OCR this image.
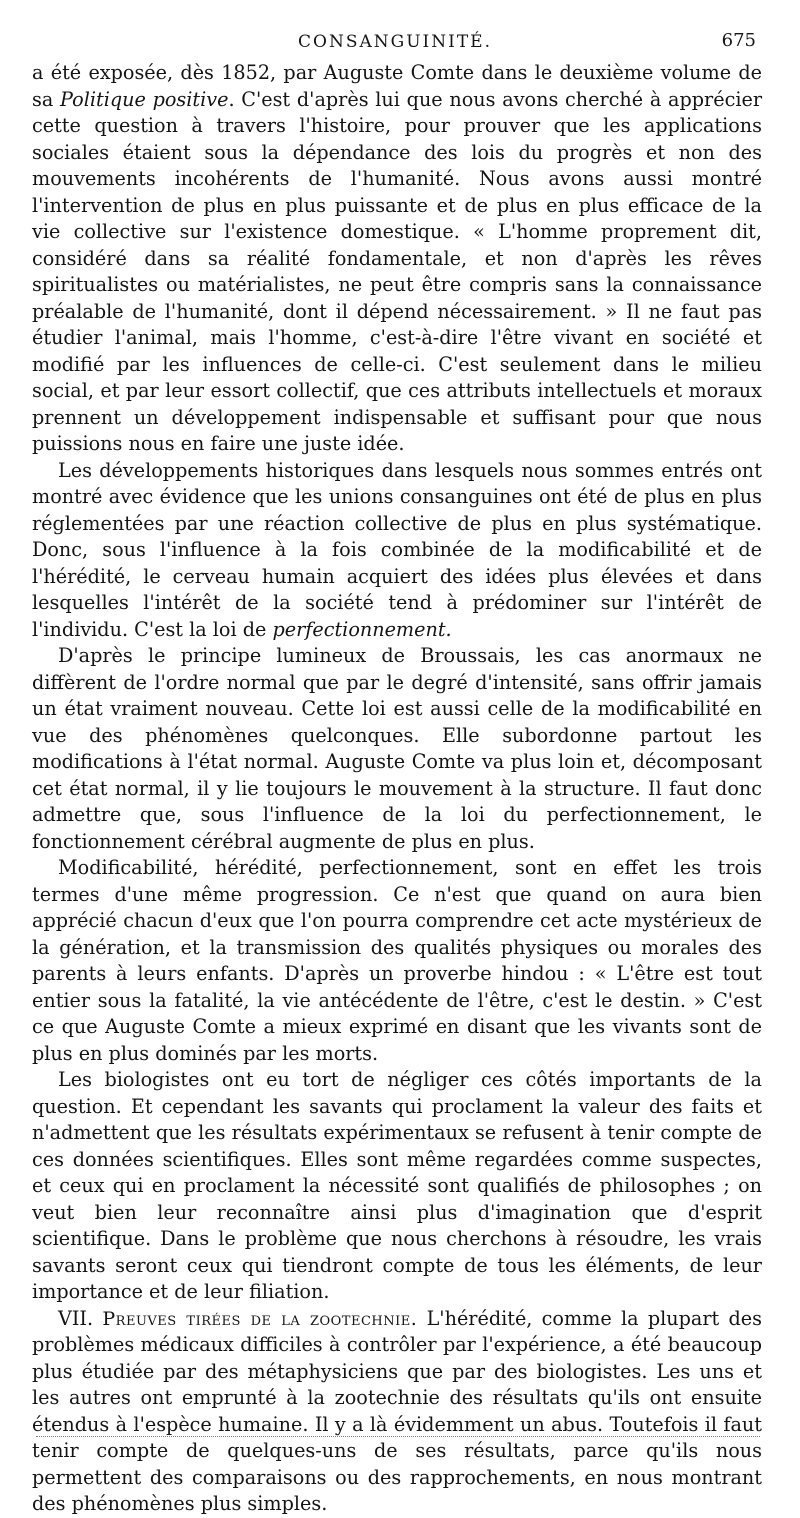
CONSANGUINITÉ.	675

a été exposée, dès 1852, par Auguste Comte dans le deuxième volume de sa Politique positive. C'est d'après lui que nous avons cherché à apprécier cette question à travers l'histoire, pour prouver que les applications sociales étaient sous la dépendance des lois du progrès et non des mouvements incohérents de l'humanité. Nous avons aussi montré l'intervention de plus en plus puissante et de plus en plus efficace de la vie collective sur l'existence domestique. « L'homme proprement dit, considéré dans sa réalité fondamentale, et non d'après les rêves spiritualistes ou matérialistes, ne peut être compris sans la connaissance préalable de l'humanité, dont il dépend nécessairement. » Il ne faut pas étudier l'animal, mais l'homme, c'est-à-dire l'être vivant en société et modifié par les influences de celle-ci. C'est seulement dans le milieu social, et par leur essort collectif, que ces attributs intellectuels et moraux prennent un développement indispensable et suffisant pour que nous puissions nous en faire une juste idée.

Les développements historiques dans lesquels nous sommes entrés ont montré avec évidence que les unions consanguines ont été de plus en plus réglementées par une réaction collective de plus en plus systématique. Donc, sous l'influence à la fois combinée de la modificabilité et de l'hérédité, le cerveau humain acquiert des idées plus élevées et dans lesquelles l'intérêt de la société tend à prédominer sur l'intérêt de l'individu. C'est la loi de perfectionnement.

D'après le principe lumineux de Broussais, les cas anormaux ne diffèrent de l'ordre normal que par le degré d'intensité, sans offrir jamais un état vraiment nouveau. Cette loi est aussi celle de la modificabilité en vue des phénomènes quelconques. Elle subordonne partout les modifications à l'état normal. Auguste Comte va plus loin et, décomposant cet état normal, il y lie toujours le mouvement à la structure. Il faut donc admettre que, sous l'influence de la loi du perfectionnement, le fonctionnement cérébral augmente de plus en plus.

Modificabilité, hérédité, perfectionnement, sont en effet les trois termes d'une même progression. Ce n'est que quand on aura bien apprécié chacun d'eux que l'on pourra comprendre cet acte mystérieux de la génération, et la transmission des qualités physiques ou morales des parents à leurs enfants. D'après un proverbe hindou : « L'être est tout entier sous la fatalité, la vie antécédente de l'être, c'est le destin. » C'est ce que Auguste Comte a mieux exprimé en disant que les vivants sont de plus en plus dominés par les morts.

Les biologistes ont eu tort de négliger ces côtés importants de la question. Et cependant les savants qui proclament la valeur des faits et n'admettent que les résultats expérimentaux se refusent à tenir compte de ces données scientifiques. Elles sont même regardées comme suspectes, et ceux qui en proclament la nécessité sont qualifiés de philosophes ; on veut bien leur reconnaître ainsi plus d'imagination que d'esprit scientifique. Dans le problème que nous cherchons à résoudre, les vrais savants seront ceux qui tiendront compte de tous les éléments, de leur importance et de leur filiation.

VII. Preuves tirées de la zootechnie. L'hérédité, comme la plupart des problèmes médicaux difficiles à contrôler par l'expérience, a été beaucoup plus étudiée par des métaphysiciens que par des biologistes. Les uns et les autres ont emprunté à la zootechnie des résultats qu'ils ont ensuite étendus à l'espèce humaine. Il y a là évidemment un abus. Toutefois il faut tenir compte de quelques-uns de ses résultats, parce qu'ils nous permettent des comparaisons ou des rapprochements, en nous montrant des phénomènes plus simples.
